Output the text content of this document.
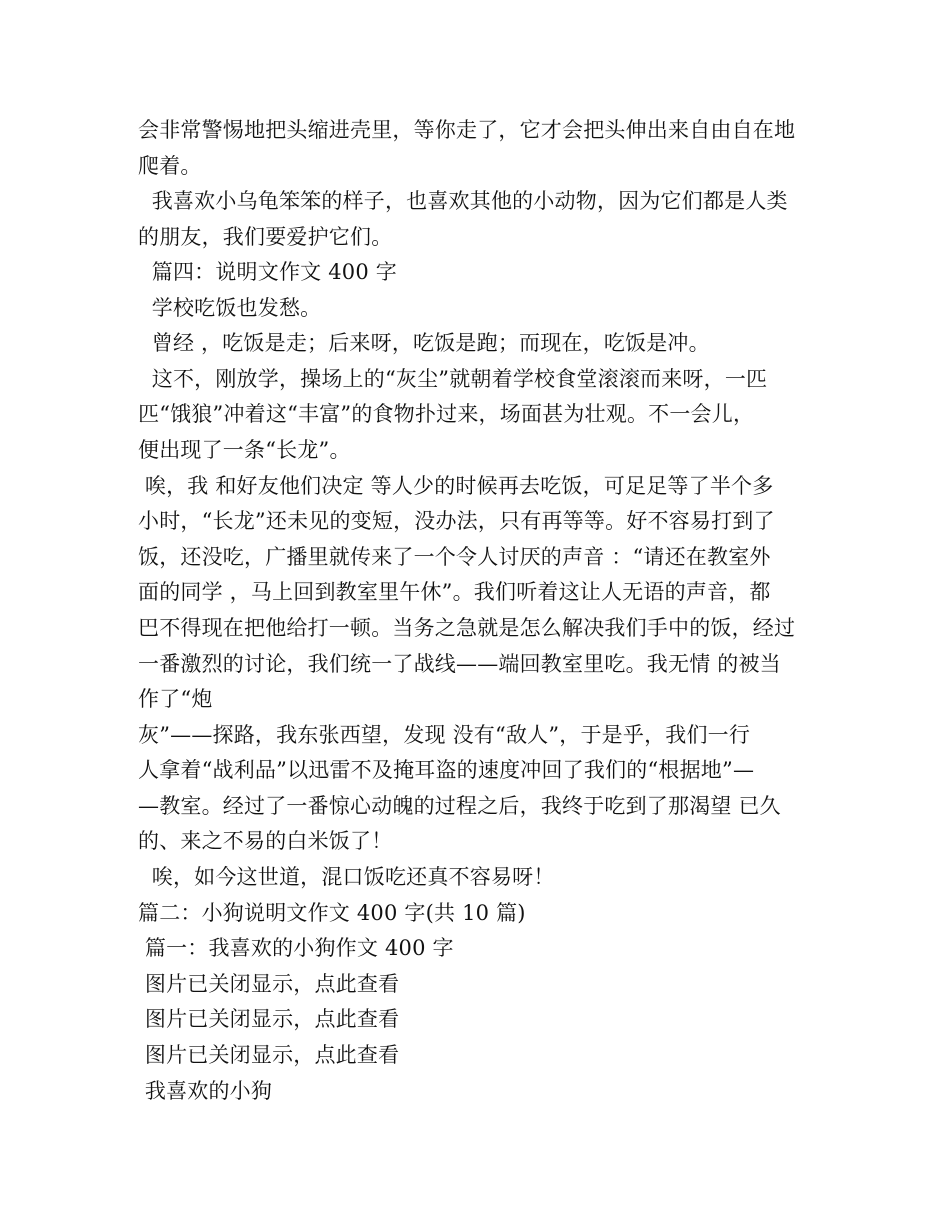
会非常警惕地把头缩进壳里，等你走了，它才会把头伸出来自由自在地
爬着。
我喜欢小乌龟笨笨的样子，也喜欢其他的小动物，因为它们都是人类
的朋友，我们要爱护它们。
篇四：说明文作文 400 字
学校吃饭也发愁。
曾经 ，吃饭是走；后来呀，吃饭是跑；而现在，吃饭是冲。
这不，刚放学，操场上的“灰尘”就朝着学校食堂滚滚而来呀，一匹
匹“饿狼”冲着这“丰富”的食物扑过来，场面甚为壮观。不一会儿，
便出现了一条“长龙”。
唉，我 和好友他们决定 等人少的时候再去吃饭，可足足等了半个多
小时，“长龙”还未见的变短，没办法，只有再等等。好不容易打到了
饭，还没吃，广播里就传来了一个令人讨厌的声音 ：“请还在教室外
面的同学 ，马上回到教室里午休”。我们听着这让人无语的声音，都
巴不得现在把他给打一顿。当务之急就是怎么解决我们手中的饭，经过
一番激烈的讨论，我们统一了战线——端回教室里吃。我无情 的被当
作了“炮
灰”——探路，我东张西望，发现 没有“敌人”，于是乎，我们一行
人拿着“战利品”以迅雷不及掩耳盗的速度冲回了我们的“根据地”—
—教室。经过了一番惊心动魄的过程之后，我终于吃到了那渴望 已久
的、来之不易的白米饭了！
唉，如今这世道，混口饭吃还真不容易呀！
篇二：小狗说明文作文 400 字(共 10 篇)
篇一：我喜欢的小狗作文 400 字
图片已关闭显示，点此查看
图片已关闭显示，点此查看
图片已关闭显示，点此查看
我喜欢的小狗
